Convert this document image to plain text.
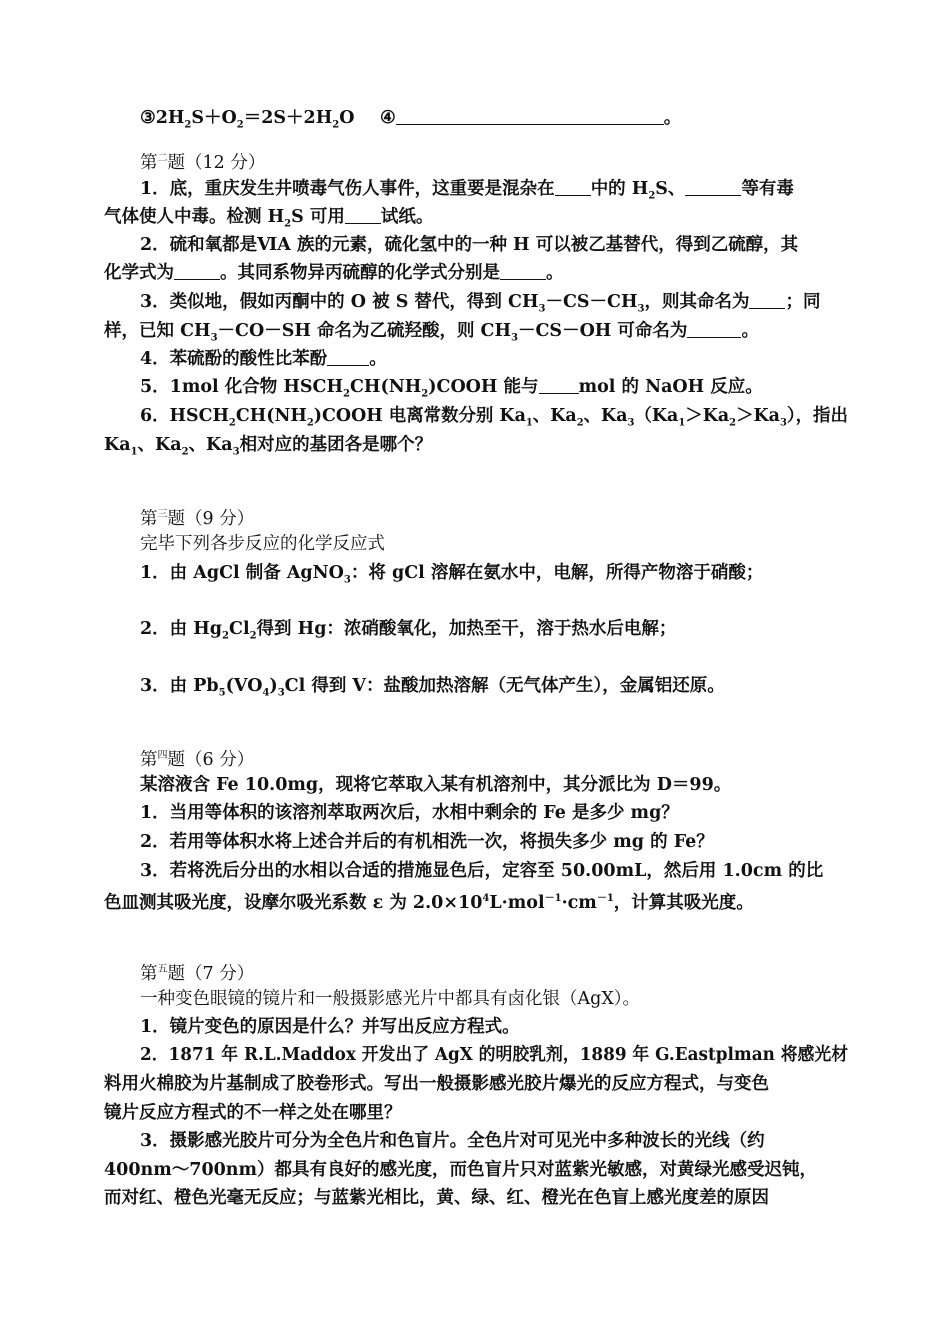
$③2H_2S+O_2=2S+2H_2O$ ④	。
第$^二$题（12 分）
1．底，重庆发生井喷毒气伤人事件，这重要是混杂在 中的 $H_2S$、	等有毒
气体使人中毒。检测 $H_2S$ 可用 试纸。
2．硫和氧都是ⅥA 族的元素，硫化氢中的一种 H 可以被乙基替代，得到乙硫醇，其
化学式为	。其同系物异丙硫醇的化学式分别是	。
3．类似地，假如丙酮中的 O 被 S 替代，得到 $CH_3-CS-CH_3$，则其命名为 ；同
样，已知 $CH_3-CO-SH$ 命名为乙硫羟酸，则 $CH_3-CS-OH$ 可命名为	。
4．苯硫酚的酸性比苯酚 。
5．1mol 化合物 $HSCH_2CH(NH_2)COOH$ 能与 mol 的 NaOH 反应。
6．$HSCH_2CH(NH_2)COOH$ 电离常数分别 $Ka_1$、$Ka_2$、$Ka_3(Ka_1>Ka_2>Ka_3)$，指出
$Ka_1$、$Ka_2$、$Ka_3$相对应的基团各是哪个？
第$^三$题（9 分）
完毕下列各步反应的化学反应式
1．由 AgCl 制备 AgNO$_3$：将 gCl 溶解在氨水中，电解，所得产物溶于硝酸；
2．由 $Hg_2Cl_2$得到 Hg：浓硝酸氧化，加热至干，溶于热水后电解；
3．由 $Pb_5(VO_4)_3Cl$ 得到 V：盐酸加热溶解（无气体产生），金属铝还原。
第$^四$题（6 分）
某溶液含 Fe 10.0mg，现将它萃取入某有机溶剂中，其分派比为 D＝99。
1．当用等体积的该溶剂萃取两次后，水相中剩余的 Fe 是多少 mg？
2．若用等体积水将上述合并后的有机相洗一次，将损失多少 mg 的 Fe？
3．若将洗后分出的水相以合适的措施显色后，定容至 50.00mL，然后用 1.0cm 的比
色皿测其吸光度，设摩尔吸光系数 ε 为 $2.0\times 10^4L\cdot mol^{-1}\cdot cm^{-1}$，计算其吸光度。
第$^五$题（7 分）
一种变色眼镜的镜片和一般摄影感光片中都具有卤化银（AgX）。
1．镜片变色的原因是什么？并写出反应方程式。
2．1871 年 R.L.Maddox 开发出了 AgX 的明胶乳剂，1889 年 G.Eastplman 将感光材
料用火棉胶为片基制成了胶卷形式。写出一般摄影感光胶片爆光的反应方程式，与变色
镜片反应方程式的不一样之处在哪里？
3．摄影感光胶片可分为全色片和色盲片。全色片对可见光中多种波长的光线（约
400nm～700nm）都具有良好的感光度，而色盲片只对蓝紫光敏感，对黄绿光感受迟钝，
而对红、橙色光毫无反应；与蓝紫光相比，黄、绿、红、橙光在色盲上感光度差的原因
